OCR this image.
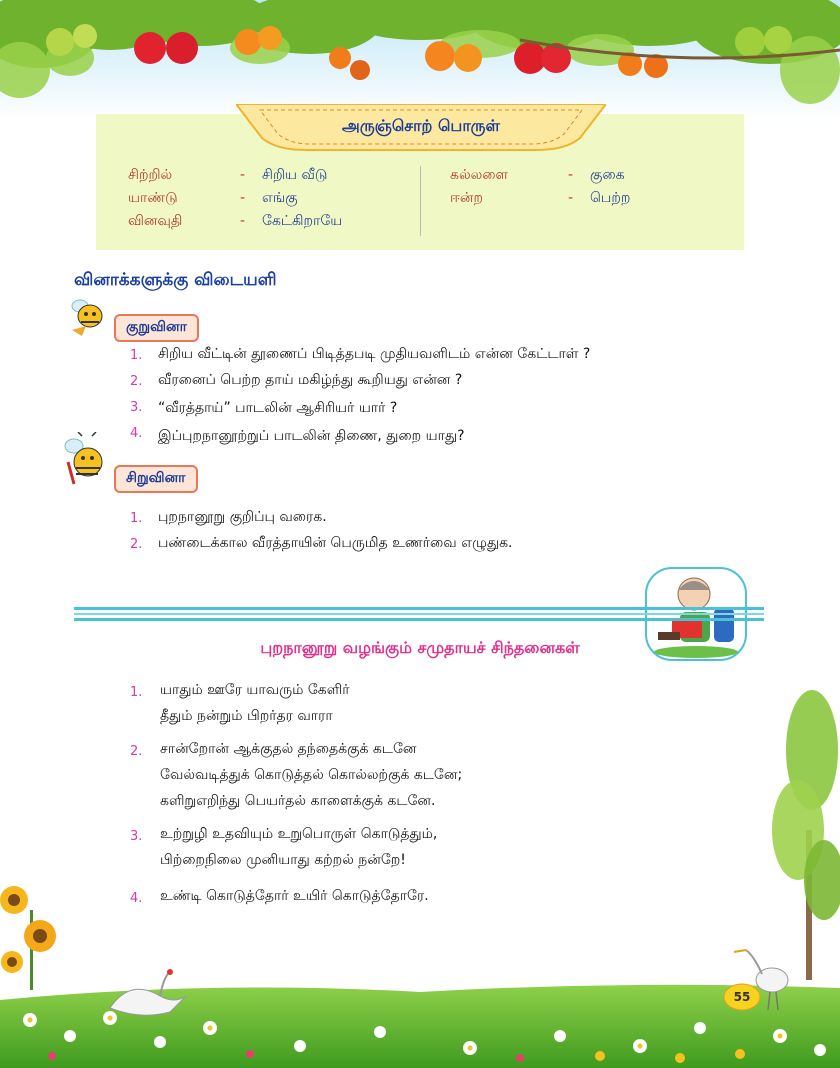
அருஞ்சொற் பொருள்
சிற்றில்	- சிறிய வீடு
யாண்டு	- எங்கு
வினவுதி	- கேட்கிறாயே
கல்லளை	- குகை
ஈன்ற	- பெற்ற
வினாக்களுக்கு விடையளி
குறுவினா
1.	சிறிய வீட்டின் தூணைப் பிடித்தபடி முதியவளிடம் என்ன கேட்டாள் ?
2.	வீரனைப் பெற்ற தாய் மகிழ்ந்து கூறியது என்ன ?
3.	“வீரத்தாய்” பாடலின் ஆசிரியர் யார் ?
4.	இப்புறநானூற்றுப் பாடலின் திணை, துறை யாது?
சிறுவினா
1.	புறநானூறு குறிப்பு வரைக.
2.	பண்டைக்கால வீரத்தாயின் பெருமித உணர்வை எழுதுக.
புறநானூறு வழங்கும் சமுதாயச் சிந்தனைகள்
1. யாதும் ஊரே யாவரும் கேளிர்
தீதும் நன்றும் பிறர்தர வாரா
2. சான்றோன் ஆக்குதல் தந்தைக்குக் கடனே
வேல்வடித்துக் கொடுத்தல் கொல்லற்குக் கடனே;
களிறுஎறிந்து பெயர்தல் காளைக்குக் கடனே.
3. உற்றுழி உதவியும் உறுபொருள் கொடுத்தும்,
பிற்றைநிலை முனியாது கற்றல் நன்றே!
4. உண்டி கொடுத்தோர் உயிர் கொடுத்தோரே.
55
